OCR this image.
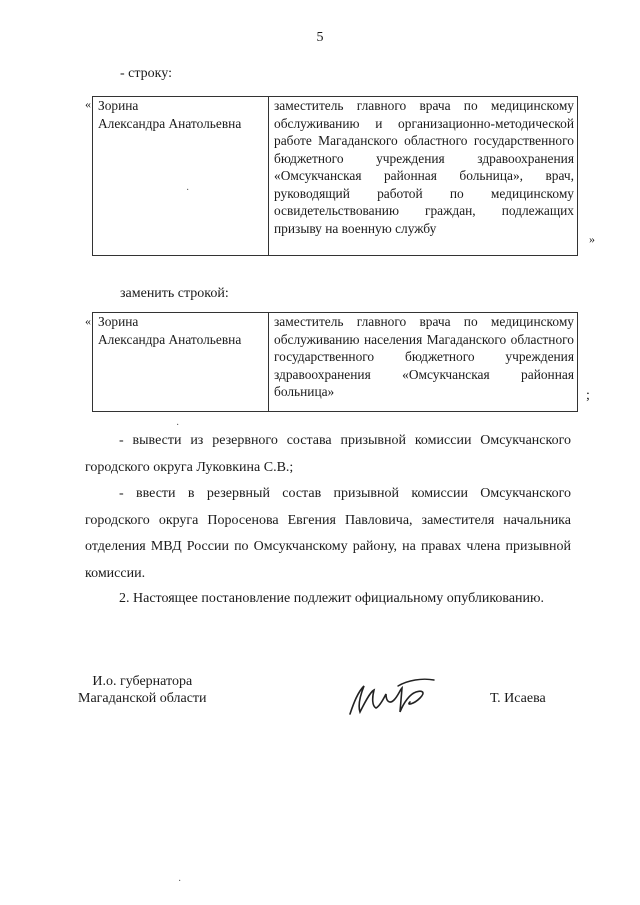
5
- строку:
« Зорина
Александра Анатольевна	заместитель главного врача по медицинскому обслуживанию и организационно-методической работе Магаданского областного государственного бюджетного учреждения здравоохранения «Омсукчанская районная больница», врач, руководящий работой по медицинскому освидетельствованию граждан, подлежащих призыву на военную службу
»
заменить строкой:
« Зорина
Александра Анатольевна	заместитель главного врача по медицинскому обслуживанию населения Магаданского областного государственного бюджетного учреждения здравоохранения «Омсукчанская районная больница»	;
- вывести из резервного состава призывной комиссии Омсукчанского городского округа Луковкина С.В.;
- ввести в резервный состав призывной комиссии Омсукчанского городского округа Поросенова Евгения Павловича, заместителя начальника отделения МВД России по Омсукчанскому району, на правах члена призывной комиссии.
2. Настоящее постановление подлежит официальному опубликованию.
И.о. губернатора
Магаданской области	Т. Исаева
·
·
·
